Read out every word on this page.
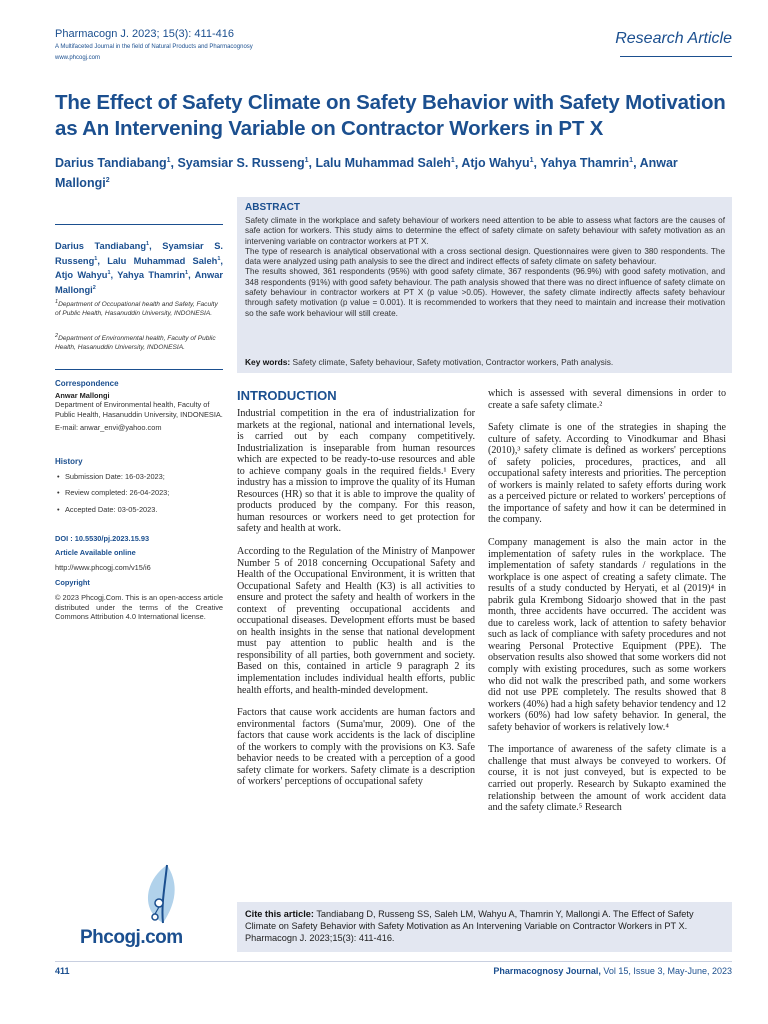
Pharmacogn J. 2023; 15(3): 411-416
A Multifaceted Journal in the field of Natural Products and Pharmacognosy
www.phcogj.com
Research Article
The Effect of Safety Climate on Safety Behavior with Safety Motivation as An Intervening Variable on Contractor Workers in PT X
Darius Tandiabang$^1$, Syamsiar S. Russeng$^1$, Lalu Muhammad Saleh$^1$, Atjo Wahyu$^1$, Yahya Thamrin$^1$, Anwar Mallongi$^2$
ABSTRACT

Safety climate in the workplace and safety behaviour of workers need attention to be able to assess what factors are the causes of safe action for workers. This study aims to determine the effect of safety climate on safety behaviour with safety motivation as an intervening variable on contractor workers at PT X.

The type of research is analytical observational with a cross sectional design. Questionnaires were given to 380 respondents. The data were analyzed using path analysis to see the direct and indirect effects of safety climate on safety behaviour.

The results showed, 361 respondents (95%) with good safety climate, 367 respondents (96.9%) with good safety motivation, and 348 respondents (91%) with good safety behaviour. The path analysis showed that there was no direct influence of safety climate on safety behaviour in contractor workers at PT X (p value >0.05). However, the safety climate indirectly affects safety behaviour through safety motivation (p value = 0.001). It is recommended to workers that they need to maintain and increase their motivation so the safe work behaviour will still create.

Key words: Safety climate, Safety behaviour, Safety motivation, Contractor workers, Path analysis.
Darius Tandiabang$^1$, Syamsiar S. Russeng$^1$, Lalu Muhammad Saleh$^1$, Atjo Wahyu$^1$, Yahya Thamrin$^1$, Anwar Mallongi$^2$
$^1$Department of Occupational health and Safety, Faculty of Public Health, Hasanuddin University, INDONESIA.
$^2$Department of Environmental health, Faculty of Public Health, Hasanuddin University, INDONESIA.
Correspondence
Anwar Mallongi
Department of Environmental health, Faculty of Public Health, Hasanuddin University, INDONESIA.
E-mail: anwar_envi@yahoo.com
History
• Submission Date: 16-03-2023;
• Review completed: 26-04-2023;
• Accepted Date: 03-05-2023.
DOI : 10.5530/pj.2023.15.93
Article Available online
http://www.phcogj.com/v15/i6
Copyright
© 2023 Phcogj.Com. This is an open-access article distributed under the terms of the Creative Commons Attribution 4.0 International license.
Phcogj.com
INTRODUCTION

Industrial competition in the era of industrialization for markets at the regional, national and international levels, is carried out by each company competitively. Industrialization is inseparable from human resources which are expected to be ready-to-use resources and able to achieve company goals in the required fields.¹ Every industry has a mission to improve the quality of its Human Resources (HR) so that it is able to improve the quality of products produced by the company. For this reason, human resources or workers need to get protection for safety and health at work.

According to the Regulation of the Ministry of Manpower Number 5 of 2018 concerning Occupational Safety and Health of the Occupational Environment, it is written that Occupational Safety and Health (K3) is all activities to ensure and protect the safety and health of workers in the context of preventing occupational accidents and occupational diseases. Development efforts must be based on health insights in the sense that national development must pay attention to public health and is the responsibility of all parties, both government and society. Based on this, contained in article 9 paragraph 2 its implementation includes individual health efforts, public health efforts, and health-minded development.

Factors that cause work accidents are human factors and environmental factors (Suma'mur, 2009). One of the factors that cause work accidents is the lack of discipline of the workers to comply with the provisions on K3. Safe behavior needs to be created with a perception of a good safety climate for workers. Safety climate is a description of workers' perceptions of occupational safety

which is assessed with several dimensions in order to create a safe safety climate.²

Safety climate is one of the strategies in shaping the culture of safety. According to Vinodkumar and Bhasi (2010),³ safety climate is defined as workers' perceptions of safety policies, procedures, practices, and all occupational safety interests and priorities. The perception of workers is mainly related to safety efforts during work as a perceived picture or related to workers' perceptions of the importance of safety and how it can be determined in the company.

Company management is also the main actor in the implementation of safety rules in the workplace. The implementation of safety standards / regulations in the workplace is one aspect of creating a safety climate. The results of a study conducted by Heryati, et al (2019)⁴ in pabrik gula Krembong Sidoarjo showed that in the past month, three accidents have occurred. The accident was due to careless work, lack of attention to safety behavior such as lack of compliance with safety procedures and not wearing Personal Protective Equipment (PPE). The observation results also showed that some workers did not comply with existing procedures, such as some workers who did not walk the prescribed path, and some workers did not use PPE completely. The results showed that 8 workers (40%) had a high safety behavior tendency and 12 workers (60%) had low safety behavior. In general, the safety behavior of workers is relatively low.⁴

The importance of awareness of the safety climate is a challenge that must always be conveyed to workers. Of course, it is not just conveyed, but is expected to be carried out properly. Research by Sukapto examined the relationship between the amount of work accident data and the safety climate.⁵ Research

Cite this article: Tandiabang D, Russeng SS, Saleh LM, Wahyu A, Thamrin Y, Mallongi A. The Effect of Safety Climate on Safety Behavior with Safety Motivation as An Intervening Variable on Contractor Workers in PT X. Pharmacogn J. 2023;15(3): 411-416.
411	Pharmacognosy Journal, Vol 15, Issue 3, May-June, 2023
